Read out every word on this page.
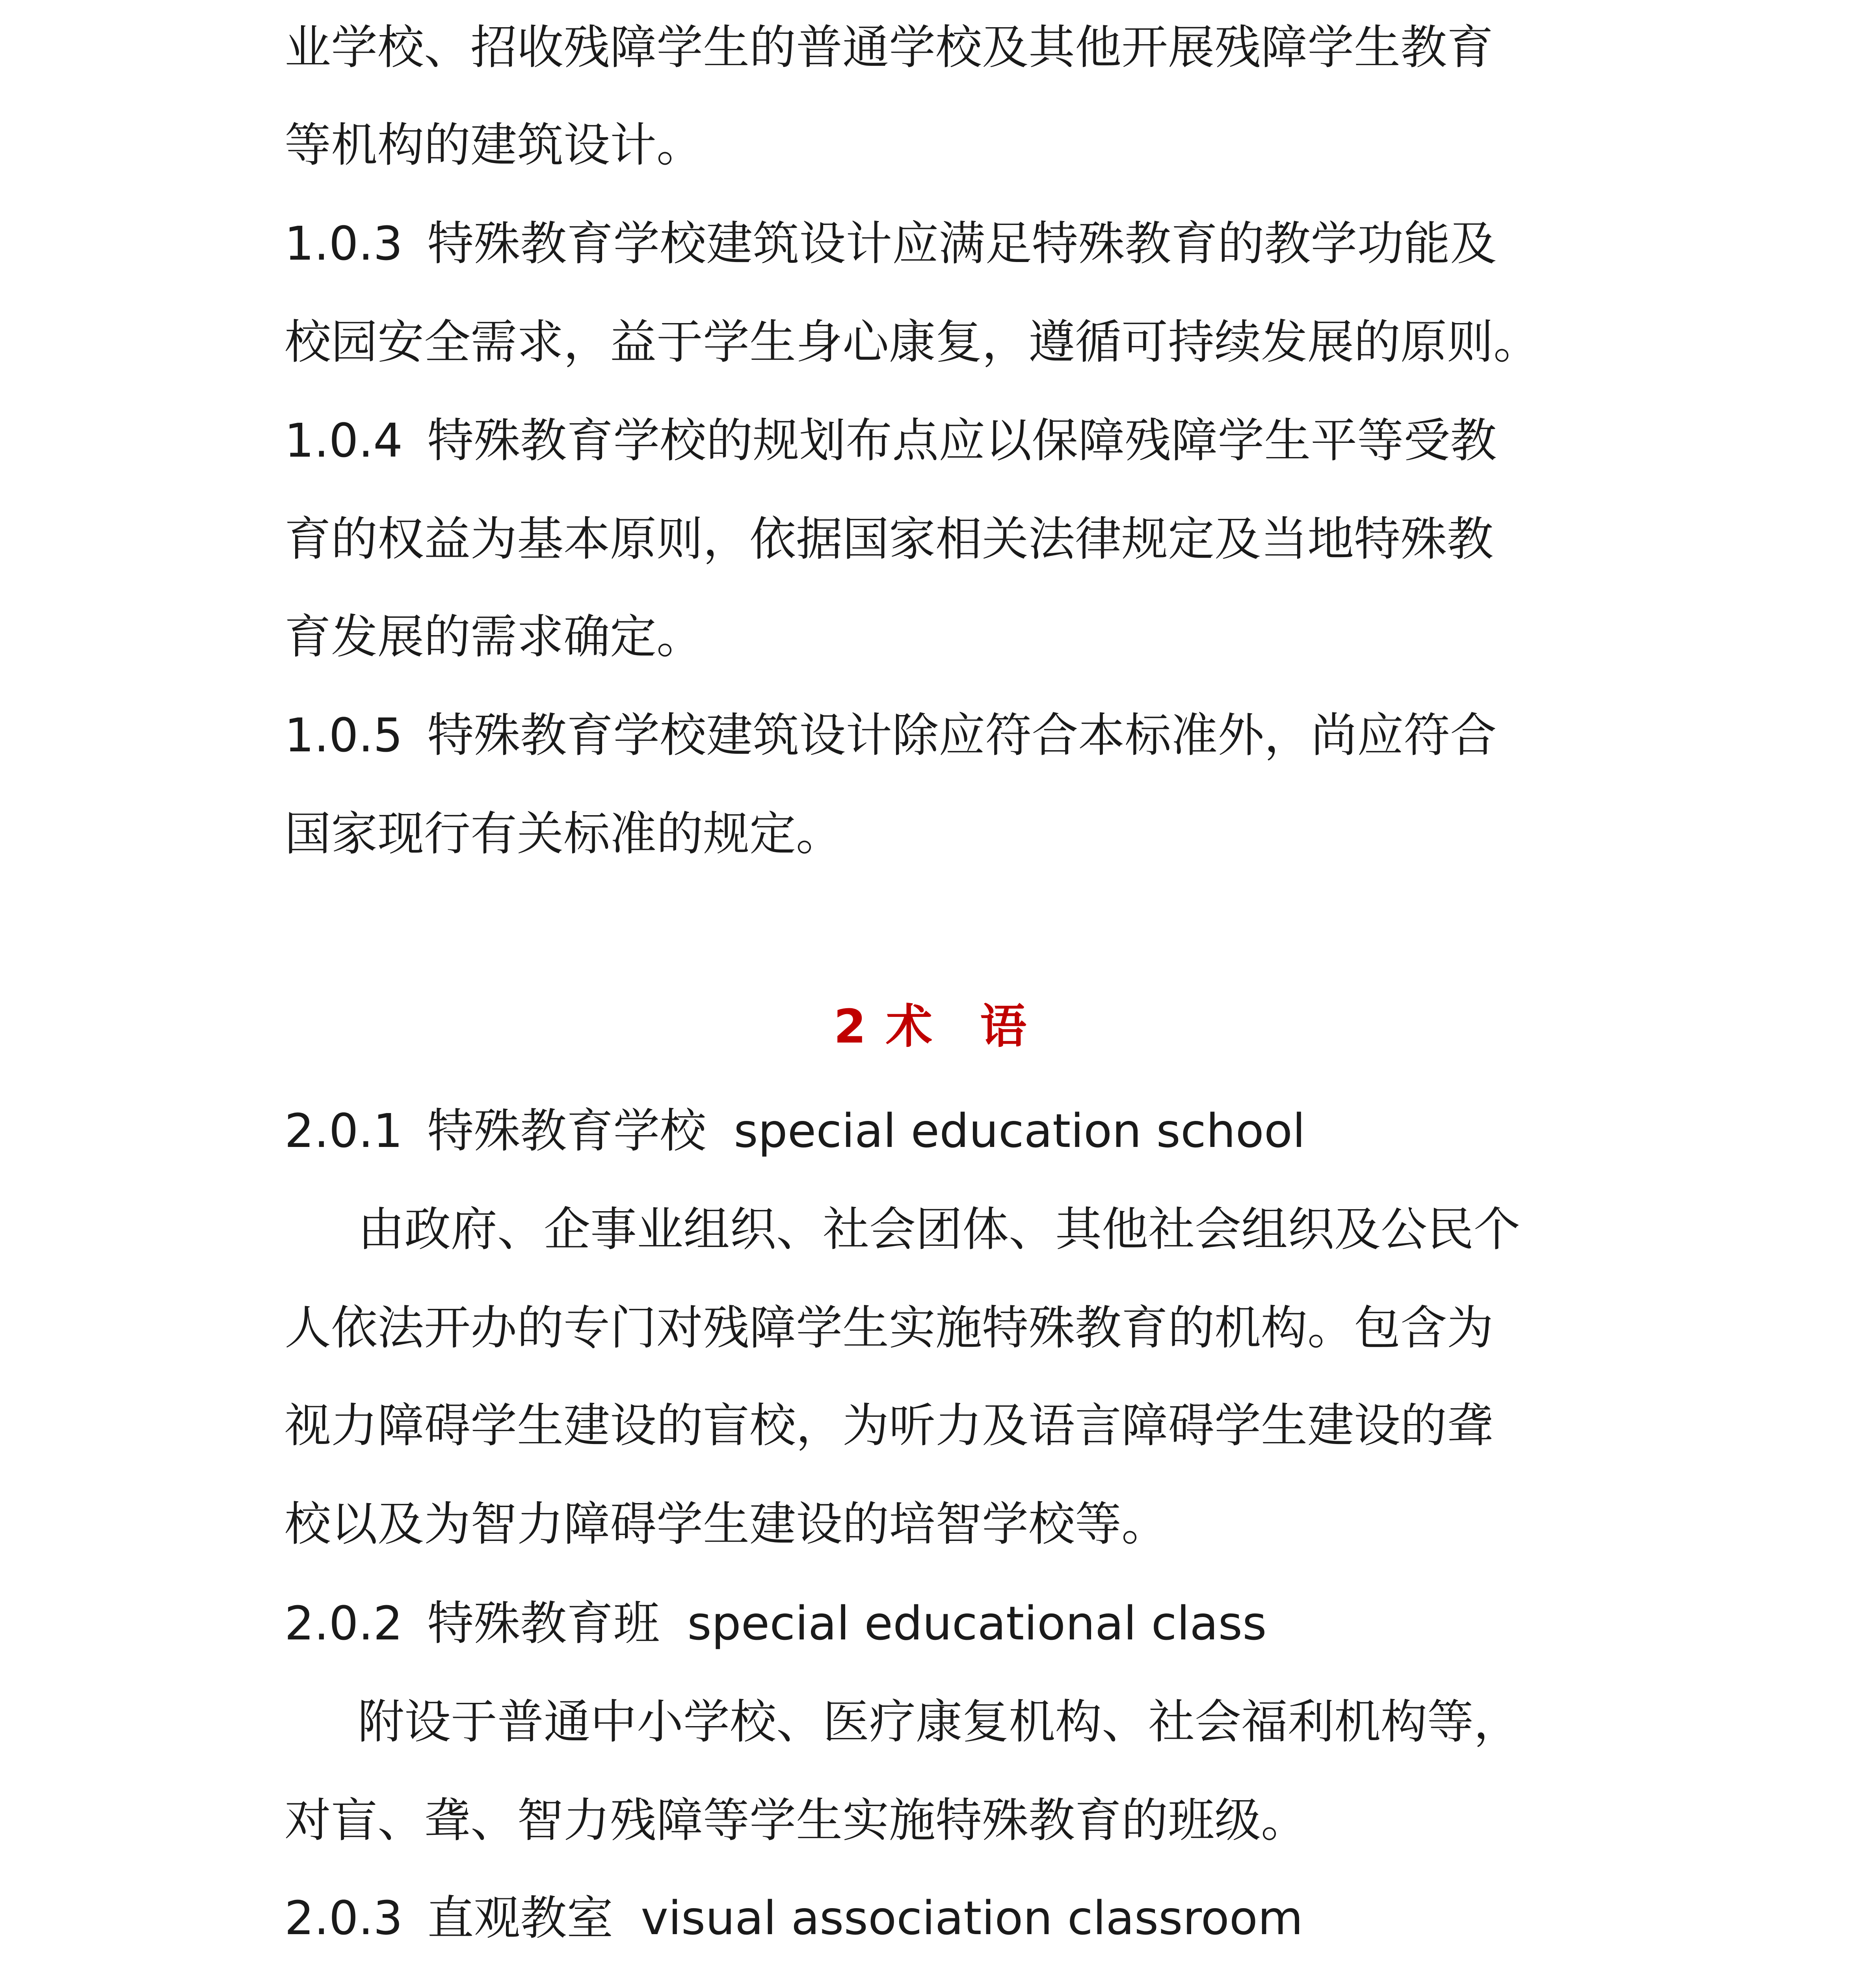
业学校、招收残障学生的普通学校及其他开展残障学生教育

等机构的建筑设计。

1.0.3 特殊教育学校建筑设计应满足特殊教育的教学功能及

校园安全需求，益于学生身心康复，遵循可持续发展的原则。

1.0.4 特殊教育学校的规划布点应以保障残障学生平等受教

育的权益为基本原则，依据国家相关法律规定及当地特殊教

育发展的需求确定。

1.0.5 特殊教育学校建筑设计除应符合本标准外，尚应符合

国家现行有关标准的规定。

2术 语

2.0.1 特殊教育学校 special education school

由政府、企事业组织、社会团体、其他社会组织及公民个

人依法开办的专门对残障学生实施特殊教育的机构。包含为

视力障碍学生建设的盲校，为听力及语言障碍学生建设的聋

校以及为智力障碍学生建设的培智学校等。

2.0.2 特殊教育班 special educational class

附设于普通中小学校、医疗康复机构、社会福利机构等，

对盲、聋、智力残障等学生实施特殊教育的班级。

2.0.3 直观教室 visual association classroom
